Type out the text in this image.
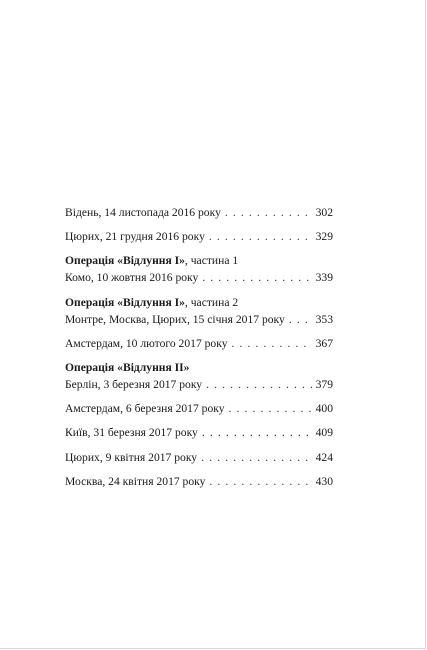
Відень, 14 листопада 2016 року . . .	302
Цюрих, 21 грудня 2016 року . . .	329
Операція «Відлуння I», частина 1
Комо, 10 жовтня 2016 року . . .	339
Операція «Відлуння I», частина 2
Монтре, Москва, Цюрих, 15 січня 2017 року . . .	353
Амстердам, 10 лютого 2017 року . . .	367
Операція «Відлуння II»
Берлін, 3 березня 2017 року . . .	379
Амстердам, 6 березня 2017 року . . .	400
Київ, 31 березня 2017 року . . .	409
Цюрих, 9 квітня 2017 року . . .	424
Москва, 24 квітня 2017 року . . .	430
